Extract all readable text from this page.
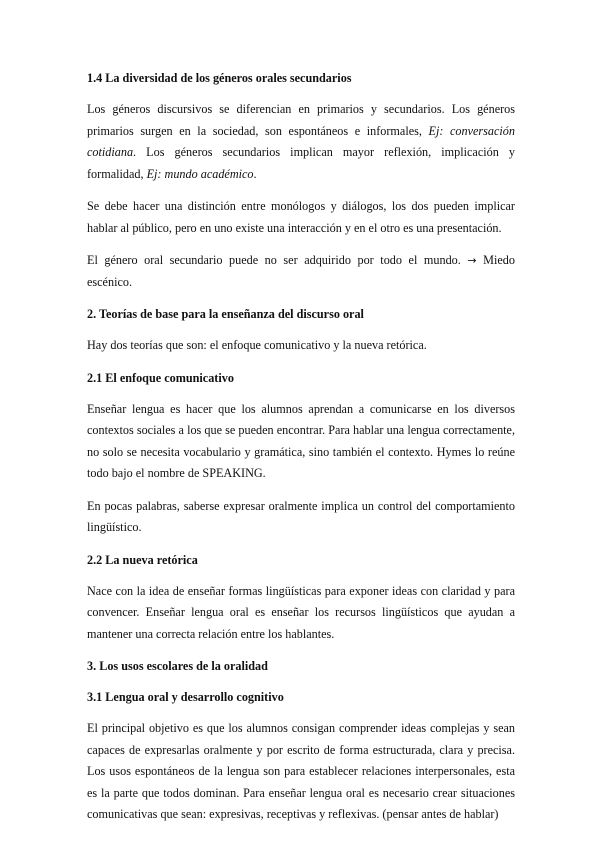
1.4 La diversidad de los géneros orales secundarios

Los géneros discursivos se diferencian en primarios y secundarios. Los géneros primarios surgen en la sociedad, son espontáneos e informales, Ej: conversación cotidiana. Los géneros secundarios implican mayor reflexión, implicación y formalidad, Ej: mundo académico.

Se debe hacer una distinción entre monólogos y diálogos, los dos pueden implicar hablar al público, pero en uno existe una interacción y en el otro es una presentación.

El género oral secundario puede no ser adquirido por todo el mundo. → Miedo escénico.

2. Teorías de base para la enseñanza del discurso oral

Hay dos teorías que son: el enfoque comunicativo y la nueva retórica.

2.1 El enfoque comunicativo

Enseñar lengua es hacer que los alumnos aprendan a comunicarse en los diversos contextos sociales a los que se pueden encontrar. Para hablar una lengua correctamente, no solo se necesita vocabulario y gramática, sino también el contexto. Hymes lo reúne todo bajo el nombre de SPEAKING.

En pocas palabras, saberse expresar oralmente implica un control del comportamiento lingüístico.

2.2 La nueva retórica

Nace con la idea de enseñar formas lingüísticas para exponer ideas con claridad y para convencer. Enseñar lengua oral es enseñar los recursos lingüísticos que ayudan a mantener una correcta relación entre los hablantes.

3. Los usos escolares de la oralidad
3.1 Lengua oral y desarrollo cognitivo

El principal objetivo es que los alumnos consigan comprender ideas complejas y sean capaces de expresarlas oralmente y por escrito de forma estructurada, clara y precisa. Los usos espontáneos de la lengua son para establecer relaciones interpersonales, esta es la parte que todos dominan. Para enseñar lengua oral es necesario crear situaciones comunicativas que sean: expresivas, receptivas y reflexivas. (pensar antes de hablar)
